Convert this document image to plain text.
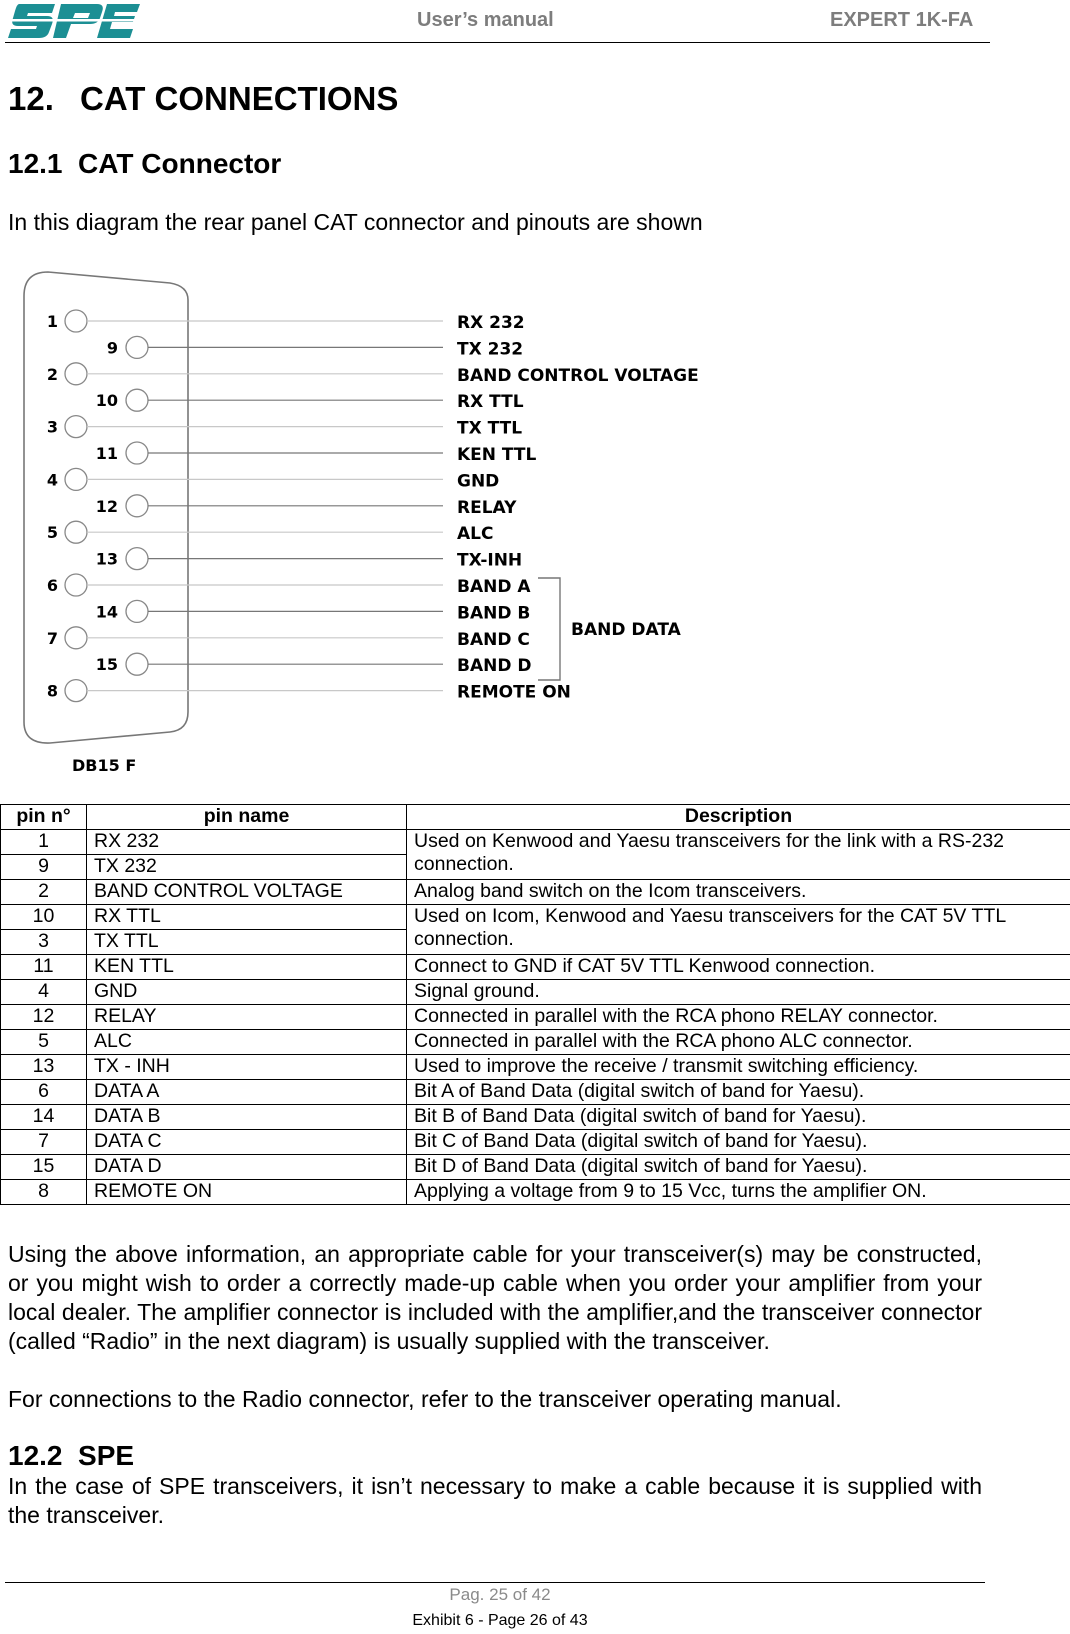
User’s manual	EXPERT 1K-FA
12. CAT CONNECTIONS
12.1  CAT Connector
In this diagram the rear panel CAT connector and pinouts are shown
1
9
2
10
3
11
4
12
5
13
6
14
7
15
8
RX 232
TX 232
BAND CONTROL VOLTAGE
RX TTL
TX TTL
KEN TTL
GND
RELAY
ALC
TX-INH
BAND A
BAND B
BAND C
BAND D
REMOTE ON
BAND DATA
DB15 F
pin n°	pin name	Description
1	RX 232	Used on Kenwood and Yaesu transceivers for the link with a RS-232 connection.
9	TX 232	
2	BAND CONTROL VOLTAGE	Analog band switch on the Icom transceivers.
10	RX TTL	Used on Icom, Kenwood and Yaesu transceivers for the CAT 5V TTL connection.
3	TX TTL	
11	KEN TTL	Connect to GND if CAT 5V TTL Kenwood connection.
4	GND	Signal ground.
12	RELAY	Connected in parallel with the RCA phono RELAY connector.
5	ALC	Connected in parallel with the RCA phono ALC connector.
13	TX - INH	Used to improve the receive / transmit switching efficiency.
6	DATA A	Bit A of Band Data (digital switch of band for Yaesu).
14	DATA B	Bit B of Band Data (digital switch of band for Yaesu).
7	DATA C	Bit C of Band Data (digital switch of band for Yaesu).
15	DATA D	Bit D of Band Data (digital switch of band for Yaesu).
8	REMOTE ON	Applying a voltage from 9 to 15 Vcc, turns the amplifier ON.
Using the above information, an appropriate cable for your transceiver(s) may be constructed, or you might wish to order a correctly made-up cable when you order your amplifier from your local dealer. The amplifier connector is included with the amplifier,and the transceiver connector (called “Radio” in the next diagram) is usually supplied with the transceiver.
For connections to the Radio connector, refer to the transceiver operating manual.
12.2  SPE
In the case of SPE transceivers, it isn’t necessary to make a cable because it is supplied with the transceiver.
Pag. 25 of 42
Exhibit 6 - Page 26 of 43
